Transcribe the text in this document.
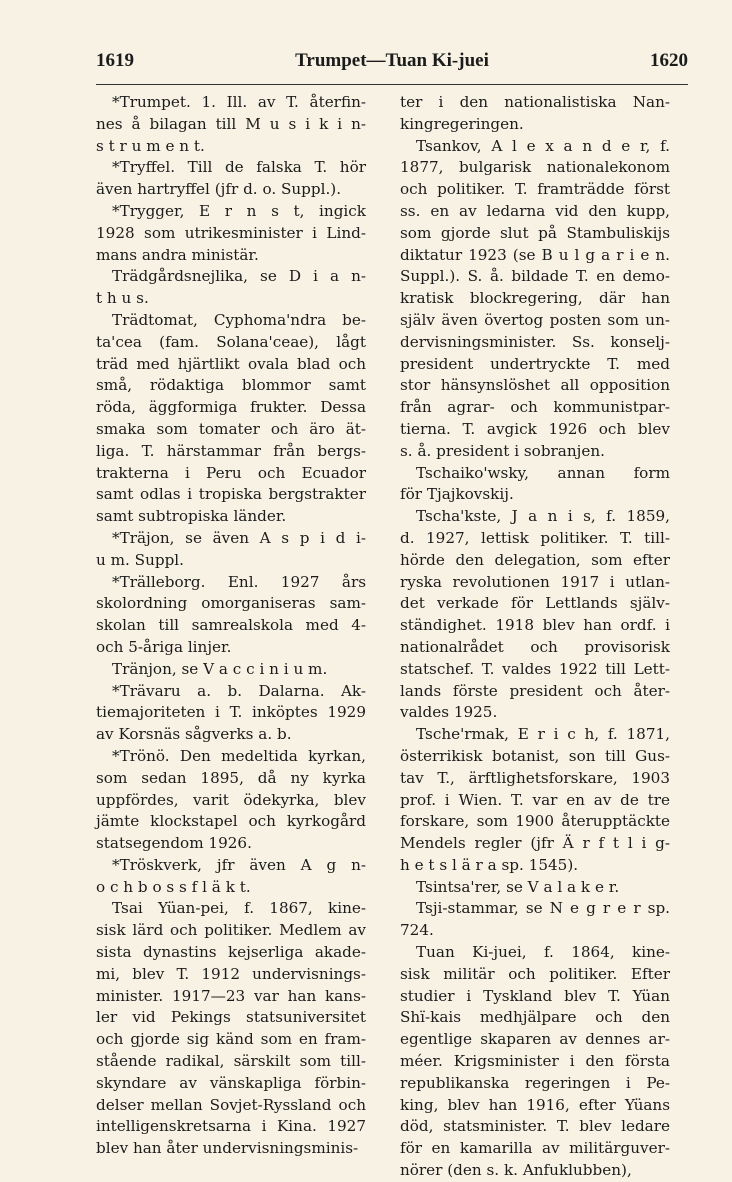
1619	Trumpet—Tuan Ki-juei	1620
*Trumpet. 1. Ill. av T. återfin-
nes å bilagan till M u s i k i n-
s t r u m e n t.
*Tryffel. Till de falska T. hör
även hartryffel (jfr d. o. Suppl.).
*Trygger, E r n s t, ingick
1928 som utrikesminister i Lind-
mans andra ministär.
Trädgårdsnejlika, se D i a n-
t h u s.
Trädtomat, Cyphoma'ndra be-
ta'cea (fam. Solana'ceae), lågt
träd med hjärtlikt ovala blad och
små, rödaktiga blommor samt
röda, äggformiga frukter. Dessa
smaka som tomater och äro ät-
liga. T. härstammar från bergs-
trakterna i Peru och Ecuador
samt odlas i tropiska bergstrakter
samt subtropiska länder.
*Träjon, se även A s p i d i-
u m. Suppl.
*Trälleborg. Enl. 1927 års
skolordning omorganiseras sam-
skolan till samrealskola med 4-
och 5-åriga linjer.
Tränjon, se V a c c i n i u m.
*Trävaru a. b. Dalarna. Ak-
tiemajoriteten i T. inköptes 1929
av Korsnäs sågverks a. b.
*Trönö. Den medeltida kyrkan,
som sedan 1895, då ny kyrka
uppfördes, varit ödekyrka, blev
jämte klockstapel och kyrkogård
statsegendom 1926.
*Tröskverk, jfr även A g n-
o c h b o s s f l ä k t.
Tsai Yüan-pei, f. 1867, kine-
sisk lärd och politiker. Medlem av
sista dynastins kejserliga akade-
mi, blev T. 1912 undervisnings-
minister. 1917—23 var han kans-
ler vid Pekings statsuniversitet
och gjorde sig känd som en fram-
stående radikal, särskilt som till-
skyndare av vänskapliga förbin-
delser mellan Sovjet-Ryssland och
intelligenskretsarna i Kina. 1927
blev han åter undervisningsminis-
ter i den nationalistiska Nan-
kingregeringen.
Tsankov, A l e x a n d e r, f.
1877, bulgarisk nationalekonom
och politiker. T. framträdde först
ss. en av ledarna vid den kupp,
som gjorde slut på Stambuliskijs
diktatur 1923 (se B u l g a r i e n.
Suppl.). S. å. bildade T. en demo-
kratisk blockregering, där han
själv även övertog posten som un-
dervisningsminister. Ss. konselj-
president undertryckte T. med
stor hänsynslöshet all opposition
från agrar- och kommunistpar-
tierna. T. avgick 1926 och blev
s. å. president i sobranjen.
Tschaiko'wsky, annan form
för Tjajkovskij.
Tscha'kste, J a n i s, f. 1859,
d. 1927, lettisk politiker. T. till-
hörde den delegation, som efter
ryska revolutionen 1917 i utlan-
det verkade för Lettlands själv-
ständighet. 1918 blev han ordf. i
nationalrådet och provisorisk
statschef. T. valdes 1922 till Lett-
lands förste president och åter-
valdes 1925.
Tsche'rmak, E r i c h, f. 1871,
österrikisk botanist, son till Gus-
tav T., ärftlighetsforskare, 1903
prof. i Wien. T. var en av de tre
forskare, som 1900 återupptäckte
Mendels regler (jfr Ä r f t l i g-
h e t s l ä r a sp. 1545).
Tsintsa'rer, se V a l a k e r.
Tsji-stammar, se N e g r e r sp.
724.
Tuan Ki-juei, f. 1864, kine-
sisk militär och politiker. Efter
studier i Tyskland blev T. Yüan
Shï-kais medhjälpare och den
egentlige skaparen av dennes ar-
méer. Krigsminister i den första
republikanska regeringen i Pe-
king, blev han 1916, efter Yüans
död, statsminister. T. blev ledare
för en kamarilla av militärguver-
nörer (den s. k. Anfuklubben),
